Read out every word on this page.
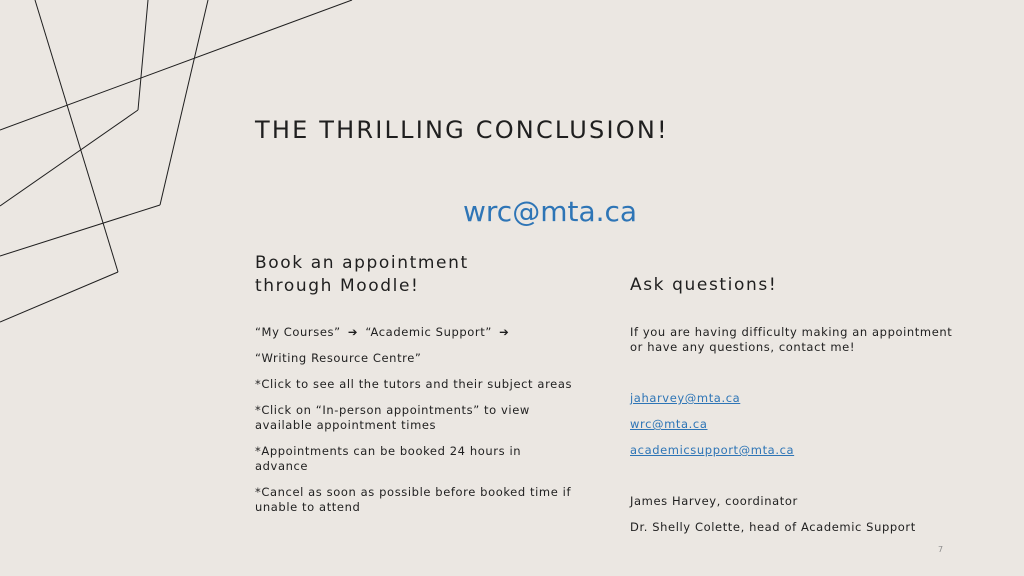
THE THRILLING CONCLUSION!
wrc@mta.ca
Book an appointment
through Moodle!	Ask questions!

“My Courses” ➔ “Academic Support” ➔

“Writing Resource Centre”

*Click to see all the tutors and their subject areas

*Click on “In-person appointments” to view available appointment times

*Appointments can be booked 24 hours in advance

*Cancel as soon as possible before booked time if unable to attend

If you are having difficulty making an appointment or have any questions, contact me!

jaharvey@mta.ca
wrc@mta.ca
academicsupport@mta.ca
James Harvey, coordinator
Dr. Shelly Colette, head of Academic Support
7
